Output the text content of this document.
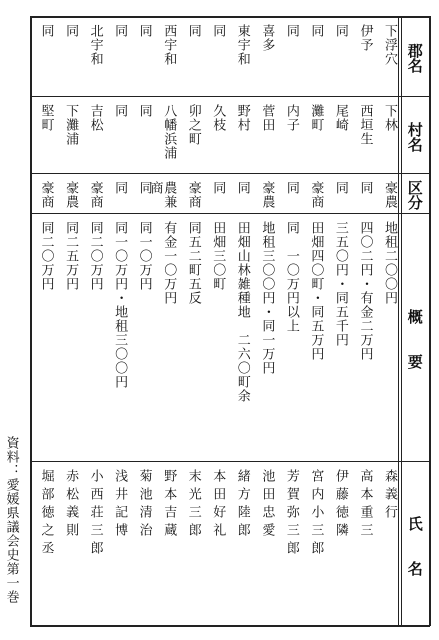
郡名
村名
区分
概　　要
氏　　名
下浮穴
下林
豪農
地租二〇〇円
森義行
伊予
西垣生
同
四〇二円・有金二万円
高本重三
同
尾崎
同
三五〇円・同五千円
伊藤徳隣
同
灘町
豪商
田畑四〇町・同五万円
宮内小三郎
同
内子
同
同　一〇万円以上
芳賀弥三郎
喜多
菅田
豪農
地租三〇〇円・同一万円
池田忠愛
東宇和
野村
同
田畑山林雑種地　二六〇町余
緒方陸郎
同
久枝
同
田畑三〇町
本田好礼
同
卯之町
豪商
同五二町五反
末光三郎
西宇和
八幡浜浦
農兼商
有金一〇万円
野本吉蔵
同
同
同
同一〇万円
菊池清治
同
同
同
同一〇万円・地租三〇〇円
浅井記博
北宇和
吉松
豪商
同二〇万円
小西荘三郎
同
下灘浦
豪農
同二五万円
赤松義則
同
堅町
豪商
同二〇万円
堀部徳之丞
資料：愛媛県議会史第一巻
